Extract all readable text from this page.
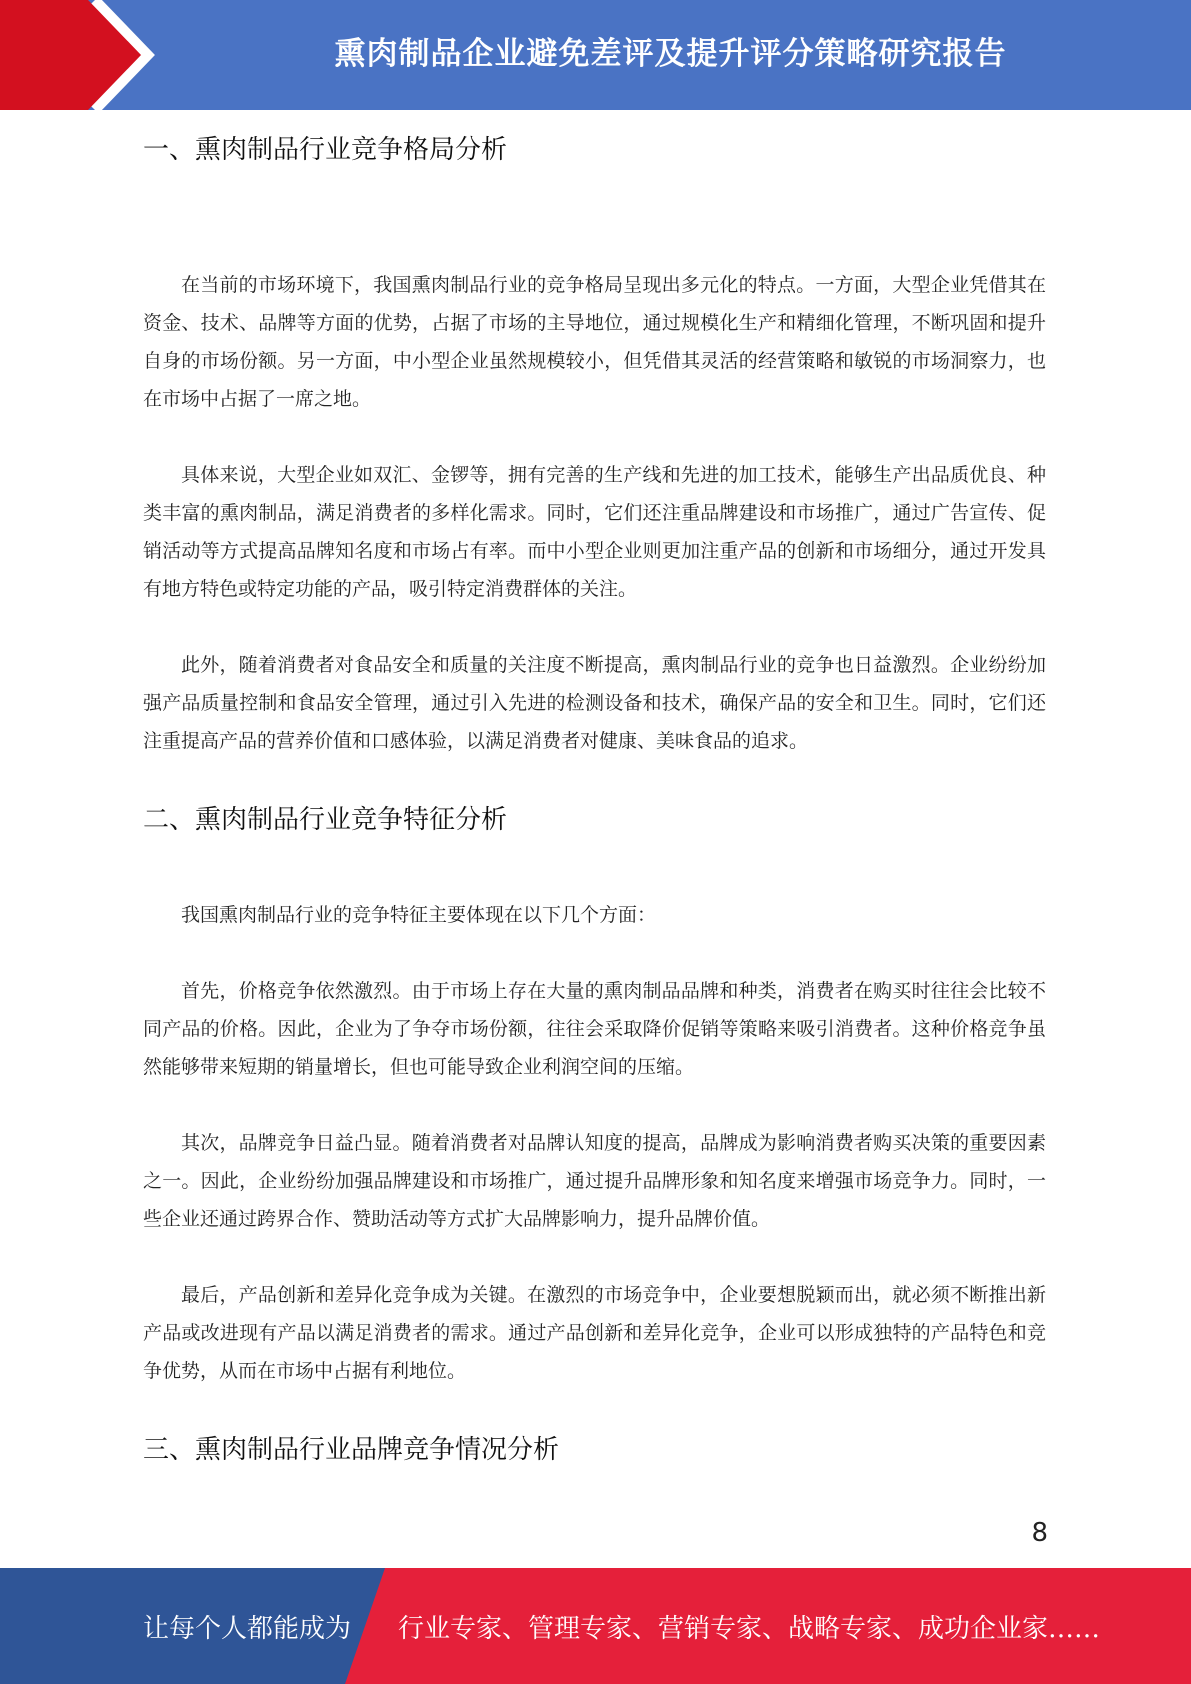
熏肉制品企业避免差评及提升评分策略研究报告
一、熏肉制品行业竞争格局分析

在当前的市场环境下，我国熏肉制品行业的竞争格局呈现出多元化的特点。一方面，大型企业凭借其在资金、技术、品牌等方面的优势，占据了市场的主导地位，通过规模化生产和精细化管理，不断巩固和提升自身的市场份额。另一方面，中小型企业虽然规模较小，但凭借其灵活的经营策略和敏锐的市场洞察力，也在市场中占据了一席之地。

具体来说，大型企业如双汇、金锣等，拥有完善的生产线和先进的加工技术，能够生产出品质优良、种类丰富的熏肉制品，满足消费者的多样化需求。同时，它们还注重品牌建设和市场推广，通过广告宣传、促销活动等方式提高品牌知名度和市场占有率。而中小型企业则更加注重产品的创新和市场细分，通过开发具有地方特色或特定功能的产品，吸引特定消费群体的关注。

此外，随着消费者对食品安全和质量的关注度不断提高，熏肉制品行业的竞争也日益激烈。企业纷纷加强产品质量控制和食品安全管理，通过引入先进的检测设备和技术，确保产品的安全和卫生。同时，它们还注重提高产品的营养价值和口感体验，以满足消费者对健康、美味食品的追求。

二、熏肉制品行业竞争特征分析

我国熏肉制品行业的竞争特征主要体现在以下几个方面：

首先，价格竞争依然激烈。由于市场上存在大量的熏肉制品品牌和种类，消费者在购买时往往会比较不同产品的价格。因此，企业为了争夺市场份额，往往会采取降价促销等策略来吸引消费者。这种价格竞争虽然能够带来短期的销量增长，但也可能导致企业利润空间的压缩。

其次，品牌竞争日益凸显。随着消费者对品牌认知度的提高，品牌成为影响消费者购买决策的重要因素之一。因此，企业纷纷加强品牌建设和市场推广，通过提升品牌形象和知名度来增强市场竞争力。同时，一些企业还通过跨界合作、赞助活动等方式扩大品牌影响力，提升品牌价值。

最后，产品创新和差异化竞争成为关键。在激烈的市场竞争中，企业要想脱颖而出，就必须不断推出新产品或改进现有产品以满足消费者的需求。通过产品创新和差异化竞争，企业可以形成独特的产品特色和竞争优势，从而在市场中占据有利地位。

三、熏肉制品行业品牌竞争情况分析
8
让每个人都能成为 行业专家、管理专家、营销专家、战略专家、成功企业家……
